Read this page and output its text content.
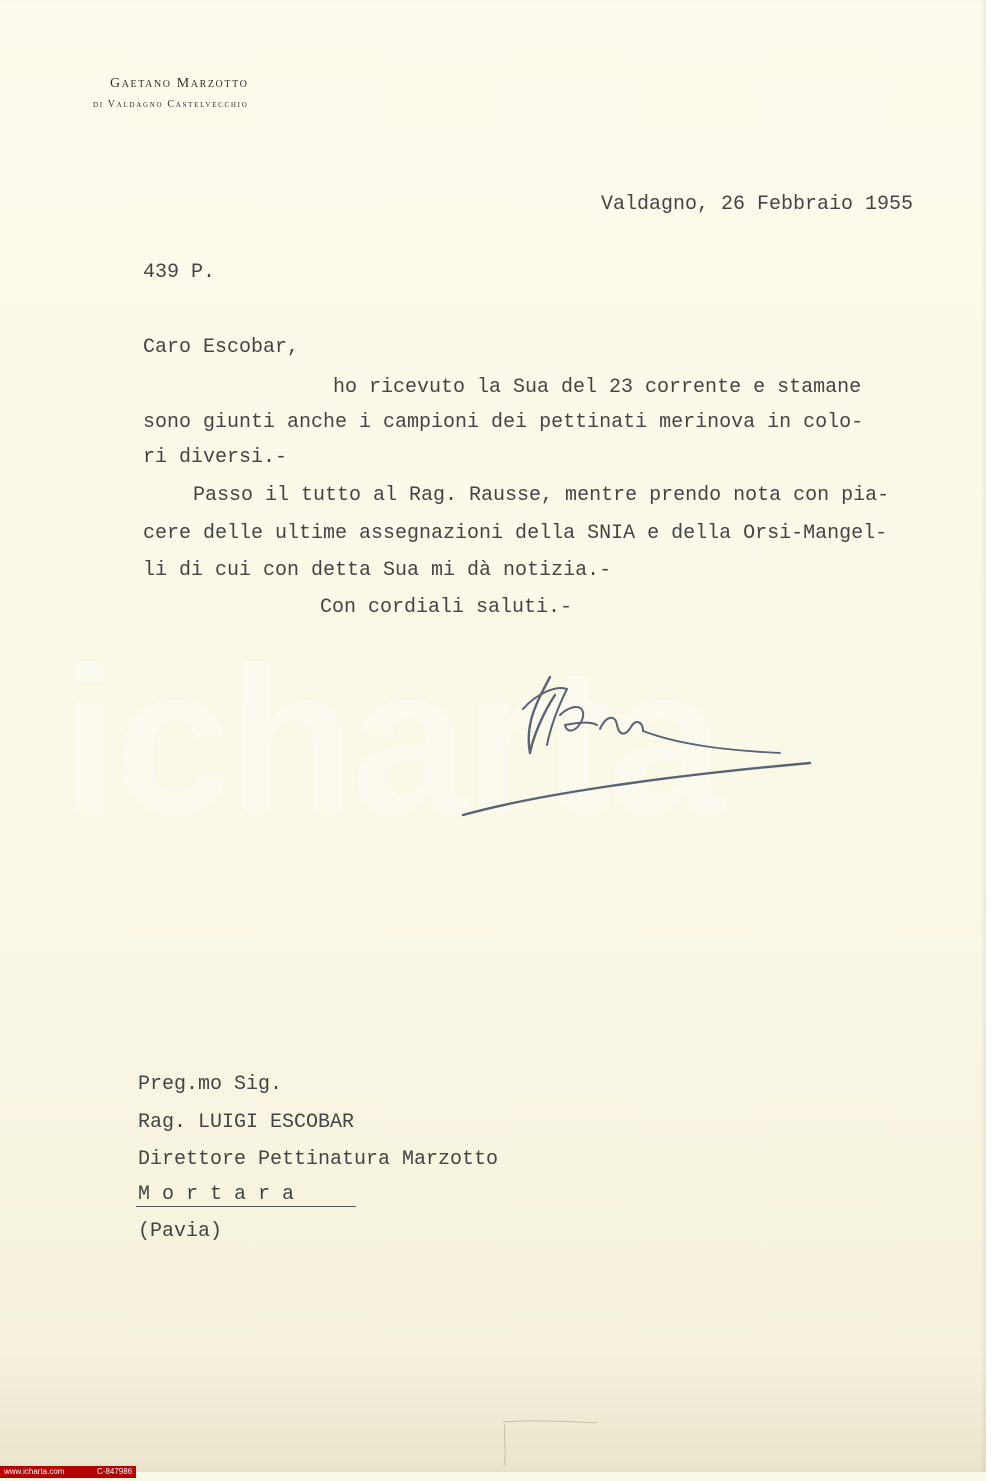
icharta
Gaetano Marzotto
di Valdagno Castelvecchio
Valdagno, 26 Febbraio 1955
439 P.
Caro Escobar,
ho ricevuto la Sua del 23 corrente e stamane
sono giunti anche i campioni dei pettinati merinova in colo-
ri diversi.-
Passo il tutto al Rag. Rausse, mentre prendo nota con pia-
cere delle ultime assegnazioni della SNIA e della Orsi-Mangel-
li di cui con detta Sua mi dà notizia.-
Con cordiali saluti.-
Preg.mo Sig.
Rag. LUIGI ESCOBAR
Direttore Pettinatura Marzotto
M o r t a r a
(Pavia)
www.icharta.com	C-847986
